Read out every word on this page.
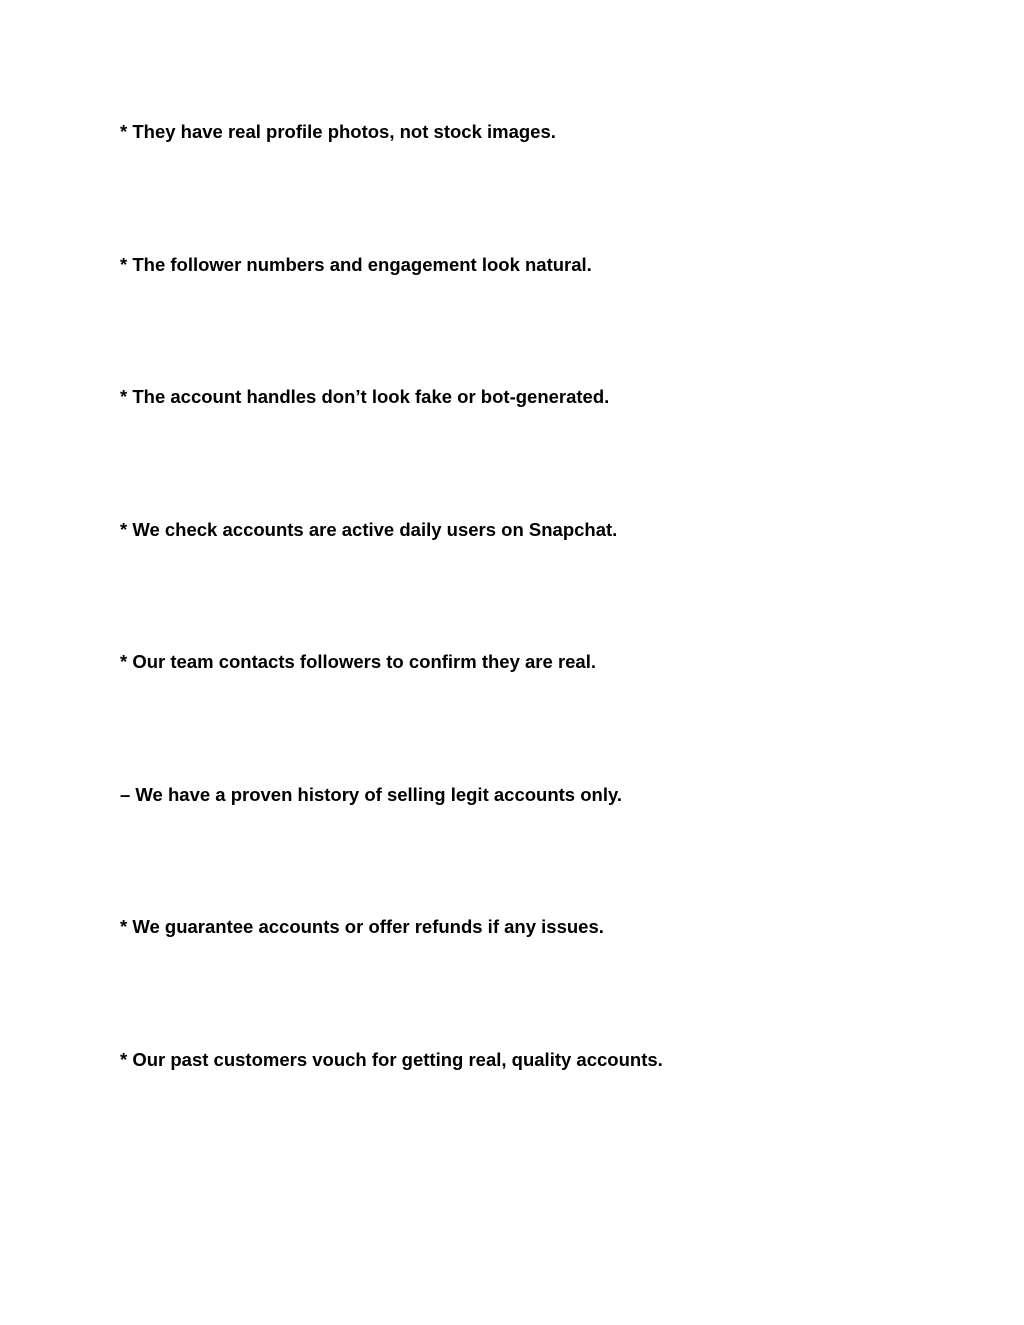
* They have real profile photos, not stock images.

* The follower numbers and engagement look natural.

* The account handles don’t look fake or bot-generated.

* We check accounts are active daily users on Snapchat.

* Our team contacts followers to confirm they are real.

– We have a proven history of selling legit accounts only.

* We guarantee accounts or offer refunds if any issues.

* Our past customers vouch for getting real, quality accounts.
